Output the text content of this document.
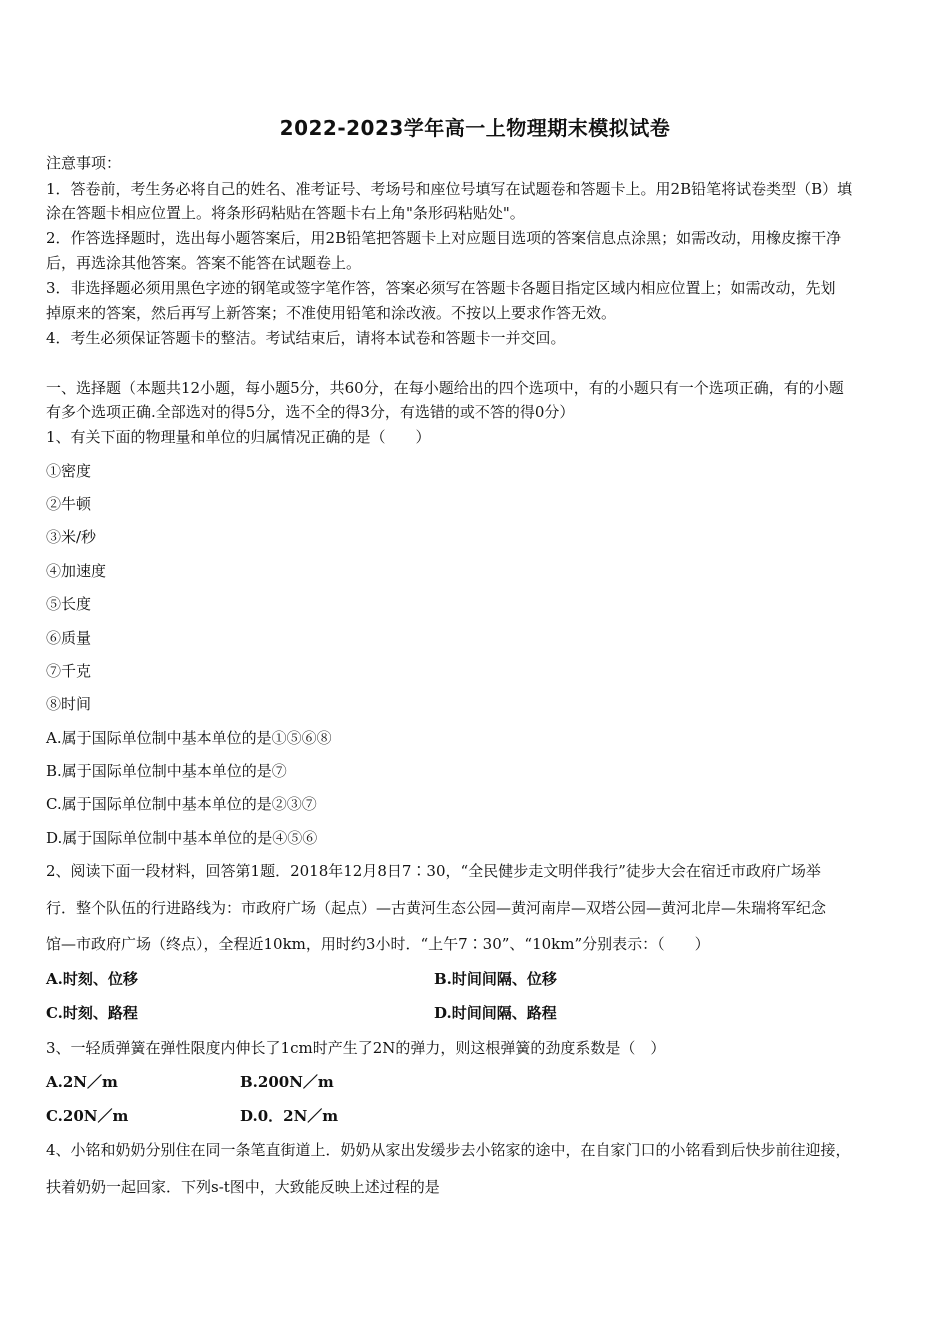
2022-2023学年高一上物理期末模拟试卷
注意事项：
1．答卷前，考生务必将自己的姓名、准考证号、考场号和座位号填写在试题卷和答题卡上。用2B铅笔将试卷类型（B）填
涂在答题卡相应位置上。将条形码粘贴在答题卡右上角"条形码粘贴处"。
2．作答选择题时，选出每小题答案后，用2B铅笔把答题卡上对应题目选项的答案信息点涂黑；如需改动，用橡皮擦干净
后，再选涂其他答案。答案不能答在试题卷上。
3．非选择题必须用黑色字迹的钢笔或签字笔作答，答案必须写在答题卡各题目指定区域内相应位置上；如需改动，先划
掉原来的答案，然后再写上新答案；不准使用铅笔和涂改液。不按以上要求作答无效。
4．考生必须保证答题卡的整洁。考试结束后，请将本试卷和答题卡一并交回。
一、选择题（本题共12小题，每小题5分，共60分，在每小题给出的四个选项中，有的小题只有一个选项正确，有的小题
有多个选项正确.全部选对的得5分，选不全的得3分，有选错的或不答的得0分）
1、有关下面的物理量和单位的归属情况正确的是（　　）
①密度
②牛顿
③米/秒
④加速度
⑤长度
⑥质量
⑦千克
⑧时间
A.属于国际单位制中基本单位的是①⑤⑥⑧
B.属于国际单位制中基本单位的是⑦
C.属于国际单位制中基本单位的是②③⑦
D.属于国际单位制中基本单位的是④⑤⑥
2、阅读下面一段材料，回答第1题．2018年12月8日7∶30，“全民健步走文明伴我行”徒步大会在宿迁市政府广场举
行．整个队伍的行进路线为：市政府广场（起点）—古黄河生态公园—黄河南岸—双塔公园—黄河北岸—朱瑞将军纪念
馆—市政府广场（终点），全程近10km，用时约3小时．“上午7∶30”、“10km”分别表示：（　　）
A.时刻、位移	B.时间间隔、位移
C.时刻、路程	D.时间间隔、路程
3、一轻质弹簧在弹性限度内伸长了1cm时产生了2N的弹力，则这根弹簧的劲度系数是（　）
A.2N／m	B.200N／m
C.20N／m	D.0．2N／m
4、小铭和奶奶分别住在同一条笔直街道上．奶奶从家出发缓步去小铭家的途中，在自家门口的小铭看到后快步前往迎接，
扶着奶奶一起回家．下列s-t图中，大致能反映上述过程的是
